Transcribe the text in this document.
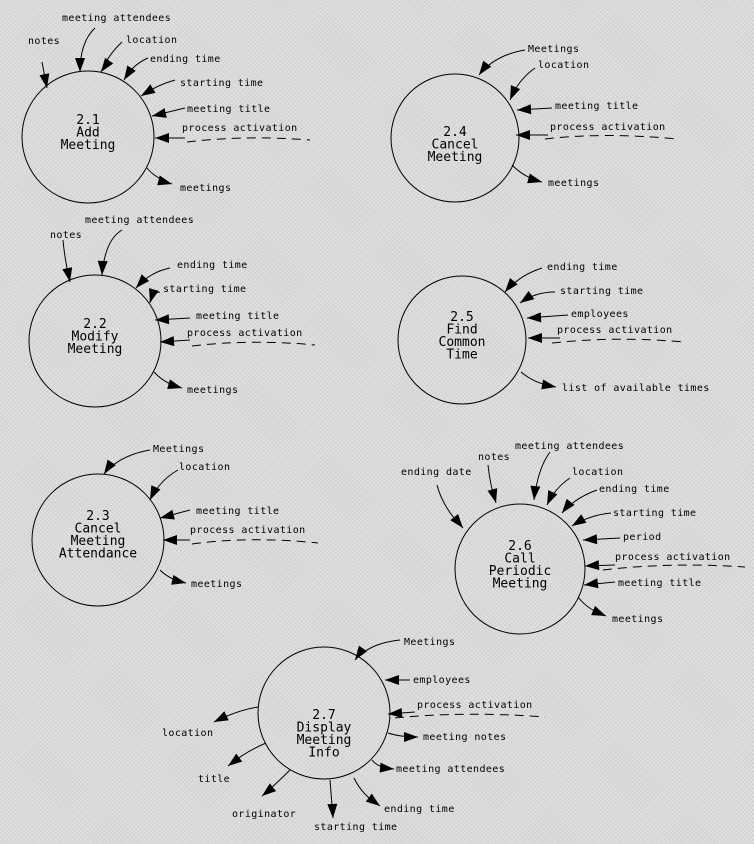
2.1
Add
Meeting
notes
meeting attendees
location
ending time
starting time
meeting title
process activation
meetings
2.4
Cancel
Meeting
Meetings
location
meeting title
process activation
meetings
2.2
Modify
Meeting
notes
meeting attendees
ending time
starting time
meeting title
process activation
meetings
2.5
Find
Common
Time
ending time
starting time
employees
process activation
list of available times
2.3
Cancel
Meeting
Attendance
Meetings
location
meeting title
process activation
meetings
2.6
Call
Periodic
Meeting
ending date
notes
meeting attendees
location
ending time
starting time
period
process activation
meeting title
meetings
2.7
Display
Meeting
Info
Meetings
employees
process activation
meeting notes
meeting attendees
ending time
starting time
originator
title
location
